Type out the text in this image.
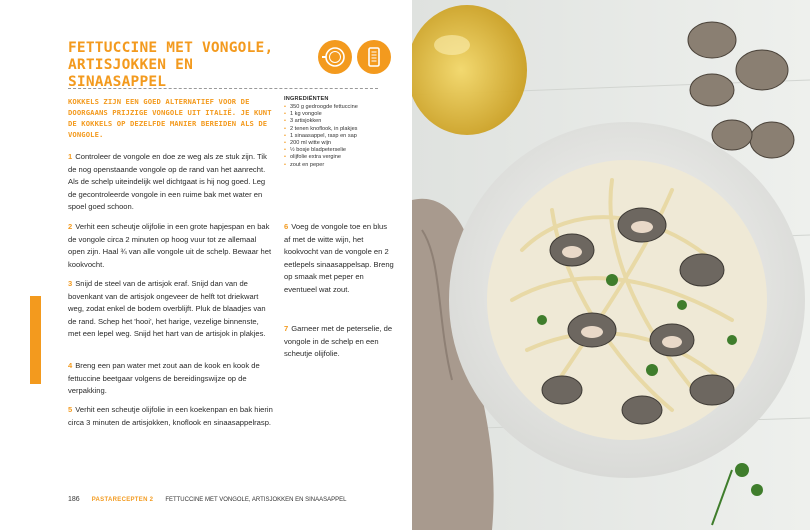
FETTUCCINE MET VONGOLE,
ARTISJOKKEN EN SINAASAPPEL

KOKKELS ZIJN EEN GOED ALTERNATIEF VOOR DE DOORGAANS PRIJZIGE VONGOLE UIT ITALIË. JE KUNT DE KOKKELS OP DEZELFDE MANIER BEREIDEN ALS DE VONGOLE.

INGREDIËNTEN
• 350 g gedroogde fettuccine
• 1 kg vongole
• 3 artisjokken
• 2 tenen knoflook, in plakjes
• 1 sinaasappel, rasp en sap
• 200 ml witte wijn
• ½ bosje bladpeterselie
• olijfolie extra vergine
• zout en peper

1 Controleer de vongole en doe ze weg als ze stuk zijn. Tik de nog openstaande vongole op de rand van het aanrecht. Als de schelp uiteindelijk wel dichtgaat is hij nog goed. Leg de gecontroleerde vongole in een ruime bak met water en spoel goed schoon.

2 Verhit een scheutje olijfolie in een grote hapjespan en bak de vongole circa 2 minuten op hoog vuur tot ze allemaal open zijn. Haal ¾ van alle vongole uit de schelp. Bewaar het kookvocht.

3 Snijd de steel van de artisjok eraf. Snijd dan van de bovenkant van de artisjok ongeveer de helft tot driekwart weg, zodat enkel de bodem overblijft. Pluk de blaadjes van de rand. Schep het 'hooi', het harige, vezelige binnenste, met een lepel weg. Snijd het hart van de artisjok in plakjes.

4 Breng een pan water met zout aan de kook en kook de fettuccine beetgaar volgens de bereidingswijze op de verpakking.

5 Verhit een scheutje olijfolie in een koekenpan en bak hierin circa 3 minuten de artisjokken, knoflook en sinaasappelrasp.

6 Voeg de vongole toe en blus af met de witte wijn, het kookvocht van de vongole en 2 eetlepels sinaasappelsap. Breng op smaak met peper en eventueel wat zout.

7 Garneer met de peterselie, de vongole in de schelp en een scheutje olijfolie.

186 PASTARECEPTEN 2 FETTUCCINE MET VONGOLE, ARTISJOKKEN EN SINAASAPPEL
